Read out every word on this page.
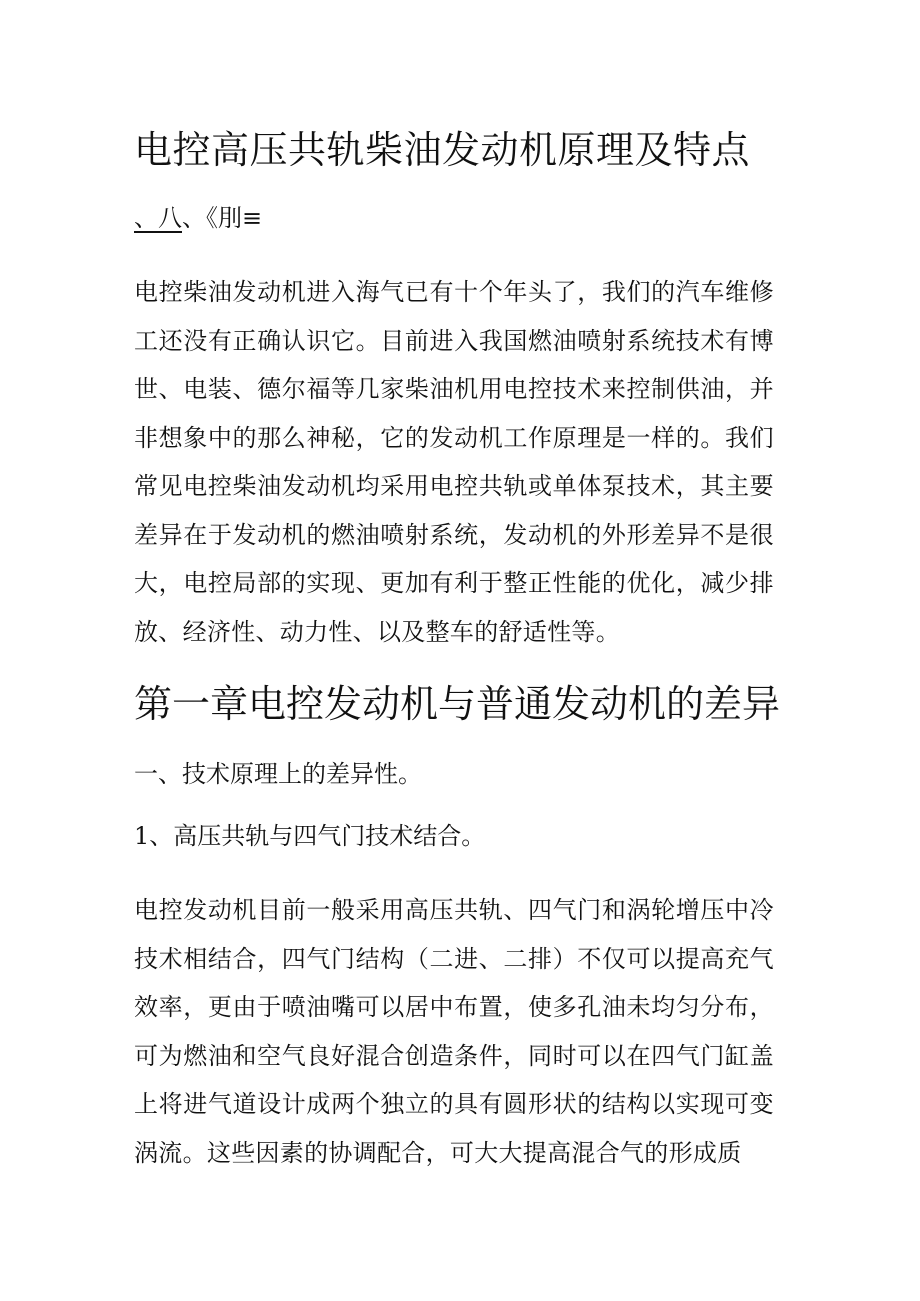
电控高压共轨柴油发动机原理及特点

、八、《刖≡

电控柴油发动机进入海气已有十个年头了，我们的汽车维修工还没有正确认识它。目前进入我国燃油喷射系统技术有博世、电装、德尔福等几家柴油机用电控技术来控制供油，并非想象中的那么神秘，它的发动机工作原理是一样的。我们常见电控柴油发动机均采用电控共轨或单体泵技术，其主要差异在于发动机的燃油喷射系统，发动机的外形差异不是很大，电控局部的实现、更加有利于整正性能的优化，减少排放、经济性、动力性、以及整车的舒适性等。

第一章电控发动机与普通发动机的差异

一、技术原理上的差异性。

1、高压共轨与四气门技术结合。

电控发动机目前一般采用高压共轨、四气门和涡轮增压中冷技术相结合，四气门结构（二进、二排）不仅可以提高充气效率，更由于喷油嘴可以居中布置，使多孔油未均匀分布，可为燃油和空气良好混合创造条件，同时可以在四气门缸盖上将进气道设计成两个独立的具有圆形状的结构以实现可变涡流。这些因素的协调配合，可大大提高混合气的形成质
